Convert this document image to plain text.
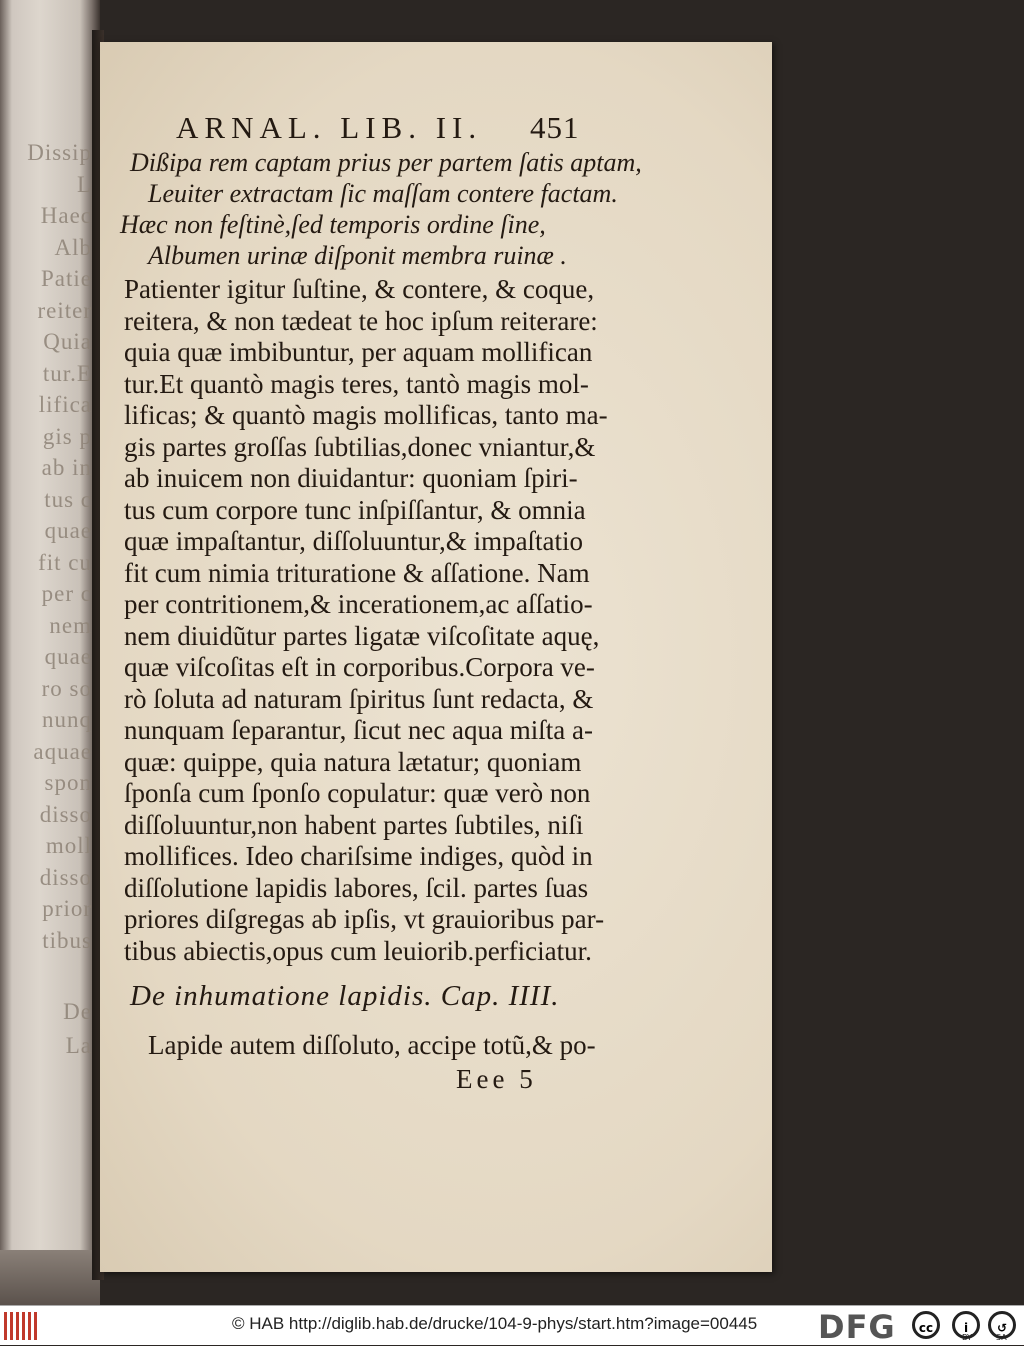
Dissip
L
Haec
Alb
Patie
reiter
Quia
tur.E
lifica
gis p
ab in
tus c
quae
fit cu
per c
nem
quae
ro so
nunq
aquae
spon
disso
moll
disso
prior
tibus
De
La
ARNAL. LIB. II. 451
Dißipa rem captam prius per partem ſatis aptam,
Leuiter extractam ſic maſſam contere factam.
Hæc non feſtinè,ſed temporis ordine ſine,
Albumen urinæ diſponit membra ruinæ .
Patienter igitur ſuſtine, & contere, & coque,
reitera, & non tædeat te hoc ipſum reiterare:
quia quæ imbibuntur, per aquam mollifican
tur.Et quantò magis teres, tantò magis mol-
lificas; & quantò magis mollificas, tanto ma-
gis partes groſſas ſubtilias,donec vniantur,&
ab inuicem non diuidantur: quoniam ſpiri-
tus cum corpore tunc inſpiſſantur, & omnia
quæ impaſtantur, diſſoluuntur,& impaſtatio
fit cum nimia trituratione & aſſatione. Nam
per contritionem,& incerationem,ac aſſatio-
nem diuidũtur partes ligatæ viſcoſitate aquę,
quæ viſcoſitas eſt in corporibus.Corpora ve-
rò ſoluta ad naturam ſpiritus ſunt redacta, &
nunquam ſeparantur, ſicut nec aqua miſta a-
quæ: quippe, quia natura lætatur; quoniam
ſponſa cum ſponſo copulatur: quæ verò non
diſſoluuntur,non habent partes ſubtiles, niſi
mollifices. Ideo chariſsime indiges, quòd in
diſſolutione lapidis labores, ſcil. partes ſuas
priores diſgregas ab ipſis, vt grauioribus par-
tibus abiectis,opus cum leuiorib.perficiatur.
De inhumatione lapidis. Cap. IIII.
Lapide autem diſſoluto, accipe totũ,& po-
Eee 5
© HAB http://diglib.hab.de/drucke/104-9-phys/start.htm?image=00445 DFG	cc	i	↺
BY	SA
